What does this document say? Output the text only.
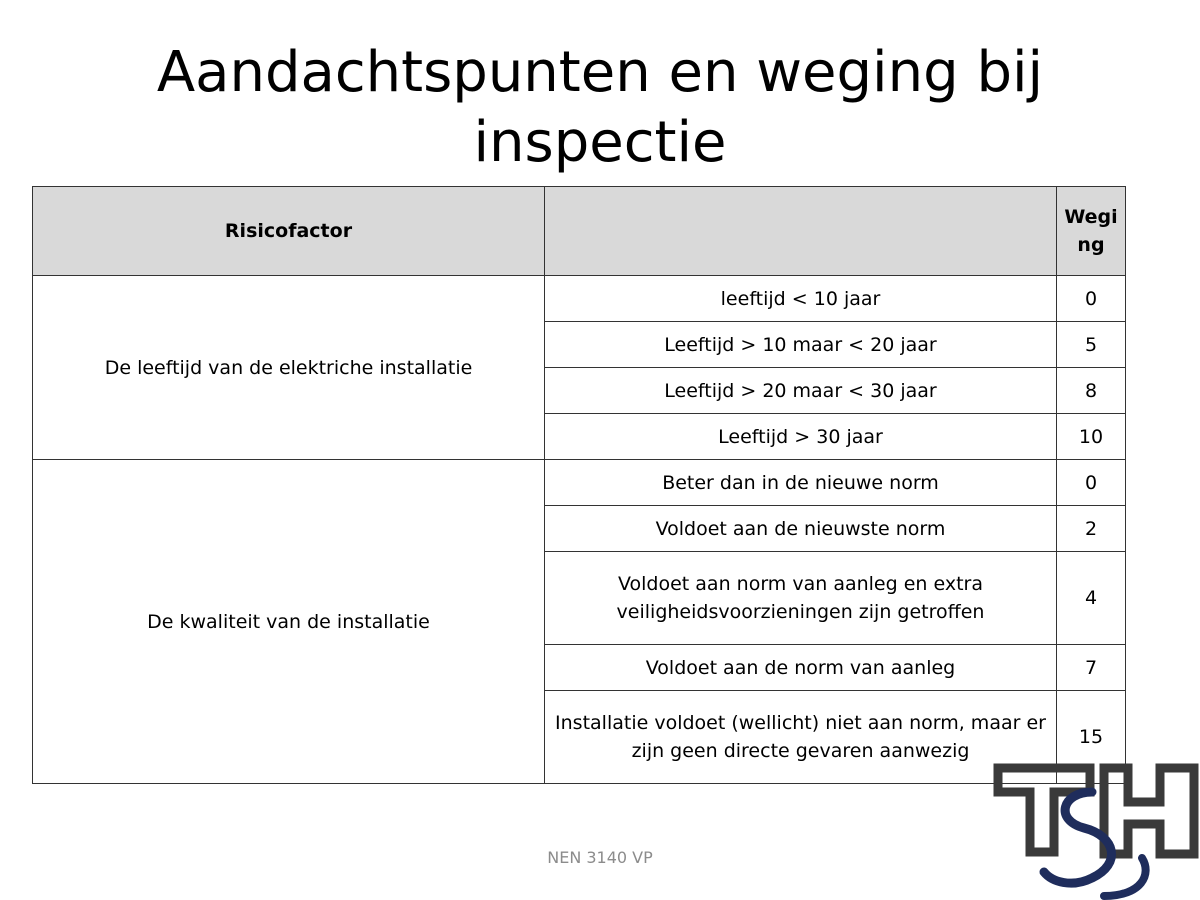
Aandachtspunten en weging bij inspectie
Risicofactor		Weging
De leeftijd van de elektriche installatie	leeftijd < 10 jaar	0
	Leeftijd > 10 maar < 20 jaar	5
	Leeftijd > 20 maar < 30 jaar	8
	Leeftijd > 30 jaar	10
De kwaliteit van de installatie	Beter dan in de nieuwe norm	0
	Voldoet aan de nieuwste norm	2
	Voldoet aan norm van aanleg en extra veiligheidsvoorzieningen zijn getroffen	4
	Voldoet aan de norm van aanleg	7
	Installatie voldoet (wellicht) niet aan norm, maar er zijn geen directe gevaren aanwezig	15
NEN 3140 VP
